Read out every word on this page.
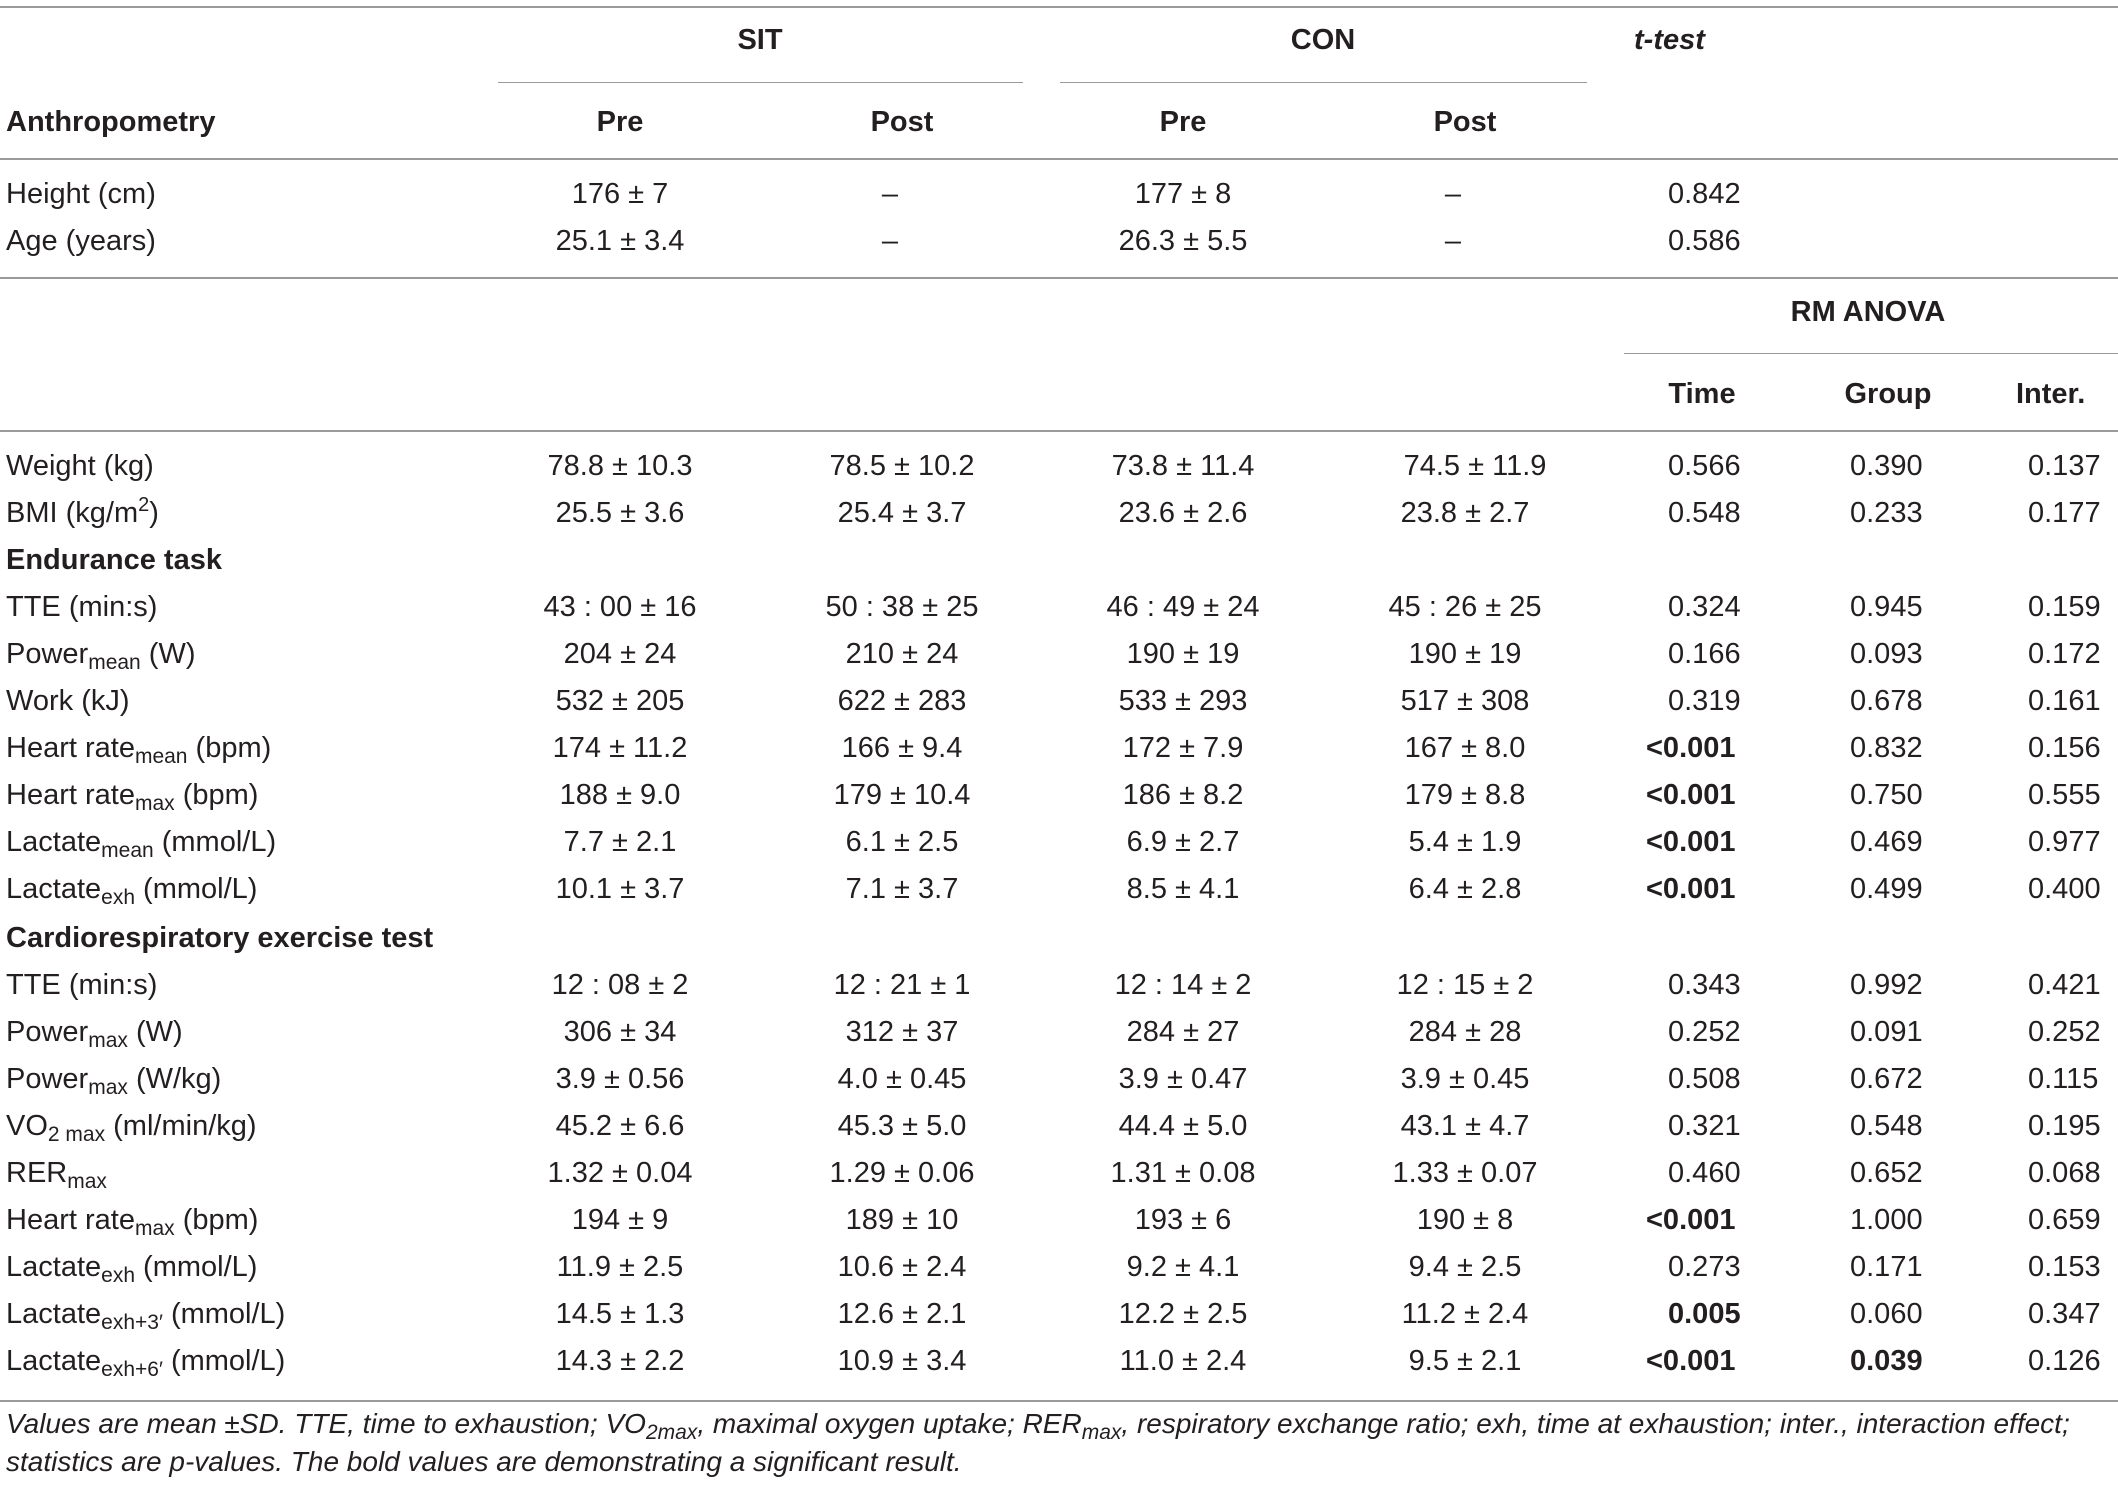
SIT	CON	t-test
Anthropometry	Pre	Post	Pre	Post
Height (cm)	176 ± 7	–	177 ± 8	–	0.842
Age (years)	25.1 ± 3.4	–	26.3 ± 5.5	–	0.586
RM ANOVA
Time	Group	Inter.
Weight (kg)	78.8 ± 10.3	78.5 ± 10.2	73.8 ± 11.4	74.5 ± 11.9	0.566	0.390	0.137
BMI $(kg/m^2)$	25.5 ± 3.6	25.4 ± 3.7	23.6 ± 2.6	23.8 ± 2.7	0.548	0.233	0.177
Endurance task
TTE (min:s)	43 : 00 ± 16	50 : 38 ± 25	46 : 49 ± 24	45 : 26 ± 25	0.324	0.945	0.159
Power$_{mean}$ (W)	204 ± 24	210 ± 24	190 ± 19	190 ± 19	0.166	0.093	0.172
Work (kJ)	532 ± 205	622 ± 283	533 ± 293	517 ± 308	0.319	0.678	0.161
Heart rate$_{mean}$ (bpm)	174 ± 11.2	166 ± 9.4	172 ± 7.9	167 ± 8.0	<0.001	0.832	0.156
Heart rate$_{max}$ (bpm)	188 ± 9.0	179 ± 10.4	186 ± 8.2	179 ± 8.8	<0.001	0.750	0.555
Lactate$_{mean}$ (mmol/L)	7.7 ± 2.1	6.1 ± 2.5	6.9 ± 2.7	5.4 ± 1.9	<0.001	0.469	0.977
Lactate$_{exh}$ (mmol/L)	10.1 ± 3.7	7.1 ± 3.7	8.5 ± 4.1	6.4 ± 2.8	<0.001	0.499	0.400
Cardiorespiratory exercise test
TTE (min:s)	12 : 08 ± 2	12 : 21 ± 1	12 : 14 ± 2	12 : 15 ± 2	0.343	0.992	0.421
Power$_{max}$ (W)	306 ± 34	312 ± 37	284 ± 27	284 ± 28	0.252	0.091	0.252
Power$_{max}$ (W/kg)	3.9 ± 0.56	4.0 ± 0.45	3.9 ± 0.47	3.9 ± 0.45	0.508	0.672	0.115
$VO_{2 max}$ (ml/min/kg)	45.2 ± 6.6	45.3 ± 5.0	44.4 ± 5.0	43.1 ± 4.7	0.321	0.548	0.195
$RER_{max}$	1.32 ± 0.04	1.29 ± 0.06	1.31 ± 0.08	1.33 ± 0.07	0.460	0.652	0.068
Heart rate$_{max}$ (bpm)	194 ± 9	189 ± 10	193 ± 6	190 ± 8	<0.001	1.000	0.659
Lactate$_{exh}$ (mmol/L)	11.9 ± 2.5	10.6 ± 2.4	9.2 ± 4.1	9.4 ± 2.5	0.273	0.171	0.153
Lactate$_{exh+3'}$ (mmol/L)	14.5 ± 1.3	12.6 ± 2.1	12.2 ± 2.5	11.2 ± 2.4	0.005	0.060	0.347
Lactate$_{exh+6'}$ (mmol/L)	14.3 ± 2.2	10.9 ± 3.4	11.0 ± 2.4	9.5 ± 2.1	<0.001	0.039	0.126
Values are mean ±SD. TTE, time to exhaustion; $VO_{2max}$, maximal oxygen uptake; $RER_{max}$, respiratory exchange ratio; exh, time at exhaustion; inter., interaction effect; statistics are p-values. The bold values are demonstrating a significant result.
